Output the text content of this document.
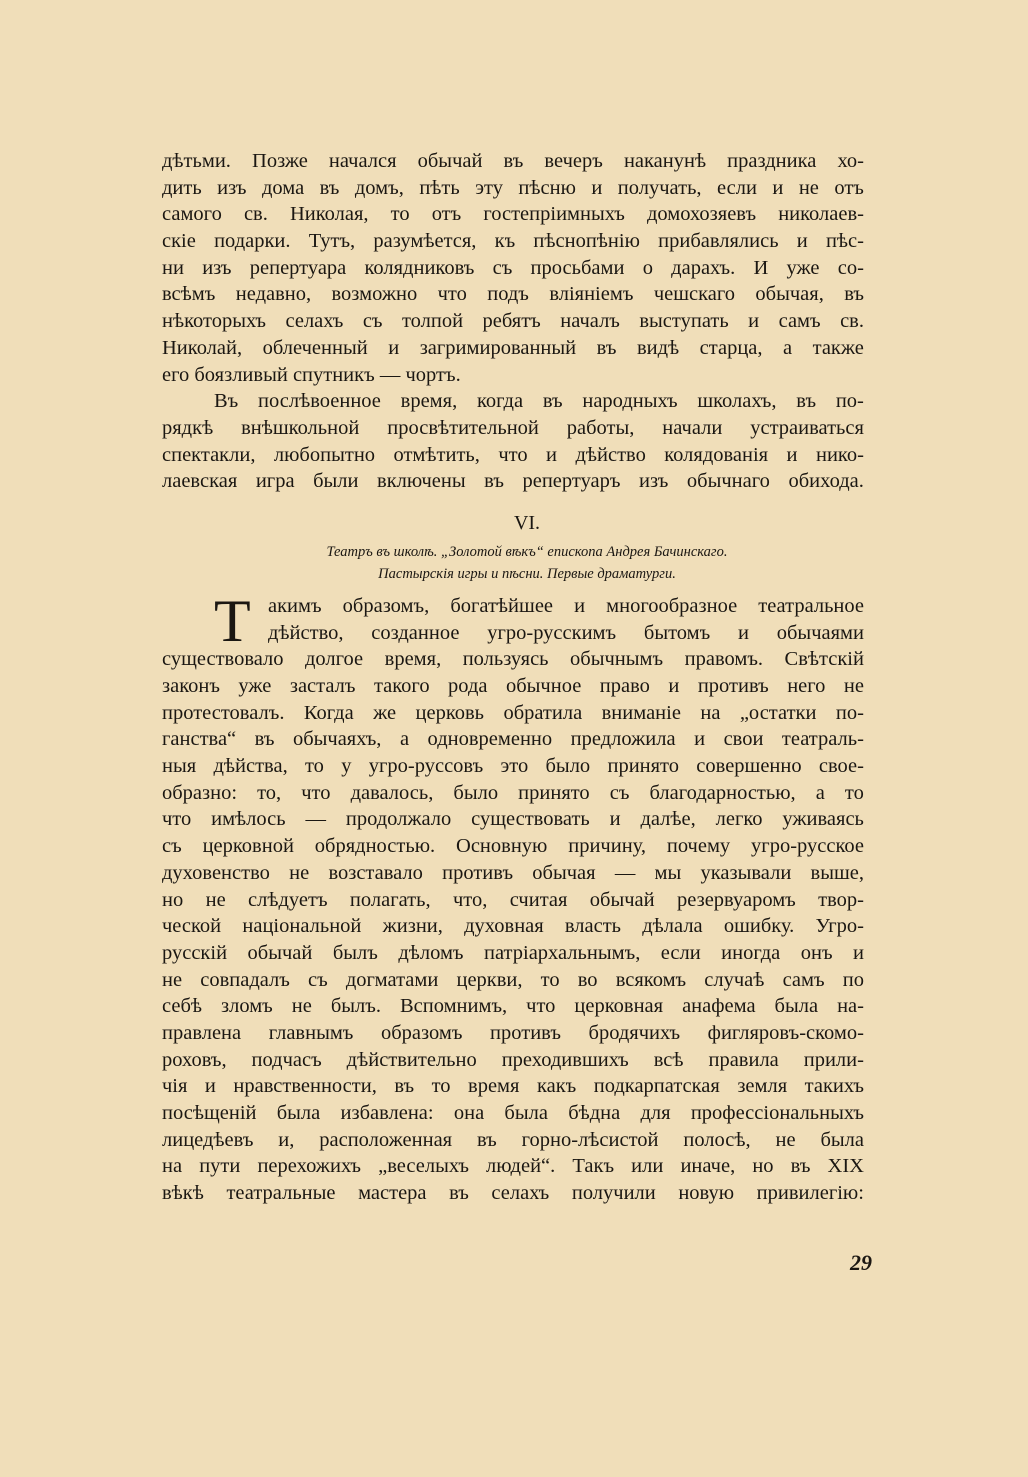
дѣтьми. Позже начался обычай въ вечеръ наканунѣ праздника хо-
дить изъ дома въ домъ, пѣть эту пѣсню и получать, если и не отъ
самого св. Николая, то отъ гостепріимныхъ домохозяевъ николаев-
скіе подарки. Тутъ, разумѣется, къ пѣснопѣнію прибавлялись и пѣс-
ни изъ репертуара колядниковъ съ просьбами о дарахъ. И уже со-
всѣмъ недавно, возможно что подъ вліяніемъ чешскаго обычая, въ
нѣкоторыхъ селахъ съ толпой ребятъ началъ выступать и самъ св.
Николай, облеченный и загримированный въ видѣ старца, а также
его боязливый спутникъ — чортъ.
Въ послѣвоенное время, когда въ народныхъ школахъ, въ по-
рядкѣ внѣшкольной просвѣтительной работы, начали устраиваться
спектакли, любопытно отмѣтить, что и дѣйство колядованія и нико-
лаевская игра были включены въ репертуаръ изъ обычнаго обихода.
VI.
Театръ въ школѣ. „Золотой вѣкъ“ епископа Андрея Бачинскаго.
Пастырскія игры и пѣсни. Первые драматурги.
Т акимъ образомъ, богатѣйшее и многообразное театральное
дѣйство, созданное угро-русскимъ бытомъ и обычаями
существовало долгое время, пользуясь обычнымъ правомъ. Свѣтскій
законъ уже засталъ такого рода обычное право и противъ него не
протестовалъ. Когда же церковь обратила вниманіе на „остатки по-
ганства“ въ обычаяхъ, а одновременно предложила и свои театраль-
ныя дѣйства, то у угро-руссовъ это было принято совершенно свое-
образно: то, что давалось, было принято съ благодарностью, а то
что имѣлось — продолжало существовать и далѣе, легко уживаясь
съ церковной обрядностью. Основную причину, почему угро-русское
духовенство не возставало противъ обычая — мы указывали выше,
но не слѣдуетъ полагать, что, считая обычай резервуаромъ твор-
ческой національной жизни, духовная власть дѣлала ошибку. Угро-
русскій обычай былъ дѣломъ патріархальнымъ, если иногда онъ и
не совпадалъ съ догматами церкви, то во всякомъ случаѣ самъ по
себѣ зломъ не былъ. Вспомнимъ, что церковная анафема была на-
правлена главнымъ образомъ противъ бродячихъ фигляровъ-скомо-
роховъ, подчасъ дѣйствительно преходившихъ всѣ правила прили-
чія и нравственности, въ то время какъ подкарпатская земля такихъ
посѣщеній была избавлена: она была бѣдна для профессіональныхъ
лицедѣевъ и, расположенная въ горно-лѣсистой полосѣ, не была
на пути перехожихъ „веселыхъ людей“. Такъ или иначе, но въ XIX
вѣкѣ театральные мастера въ селахъ получили новую привилегію:
29
